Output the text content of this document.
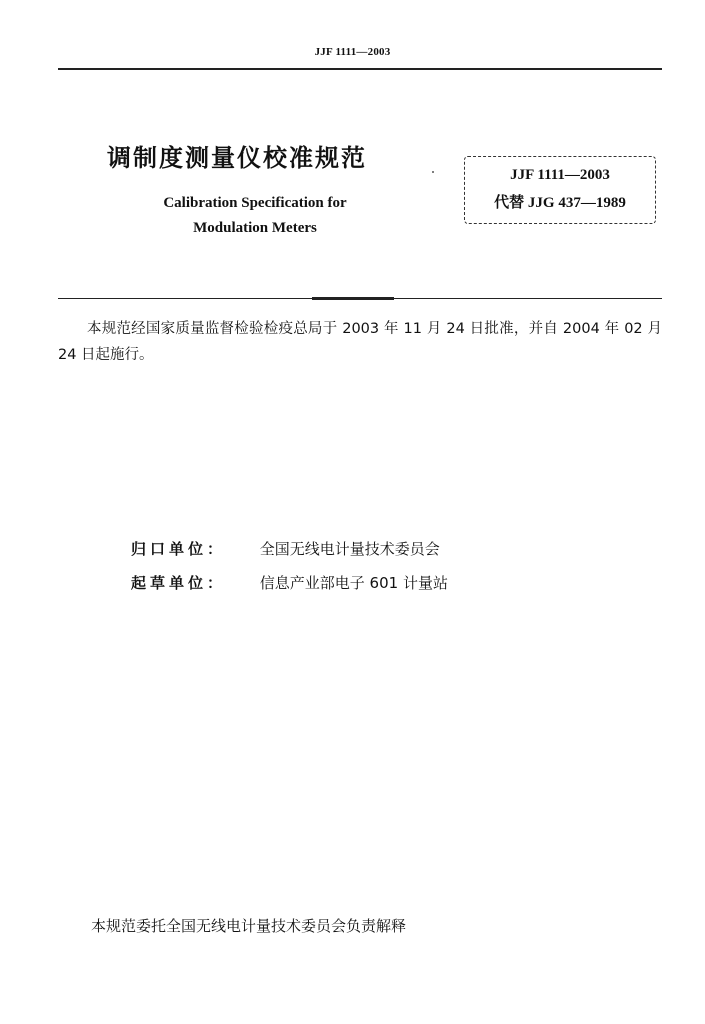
JJF 1111—2003
调制度测量仪校准规范
Calibration Specification for
Modulation Meters
JJF 1111—2003
代替 JJG 437—1989
本规范经国家质量监督检验检疫总局于 2003 年 11 月 24 日批准，并自 2004 年 02 月 24 日起施行。
归口单位： 全国无线电计量技术委员会
起草单位： 信息产业部电子 601 计量站
本规范委托全国无线电计量技术委员会负责解释
